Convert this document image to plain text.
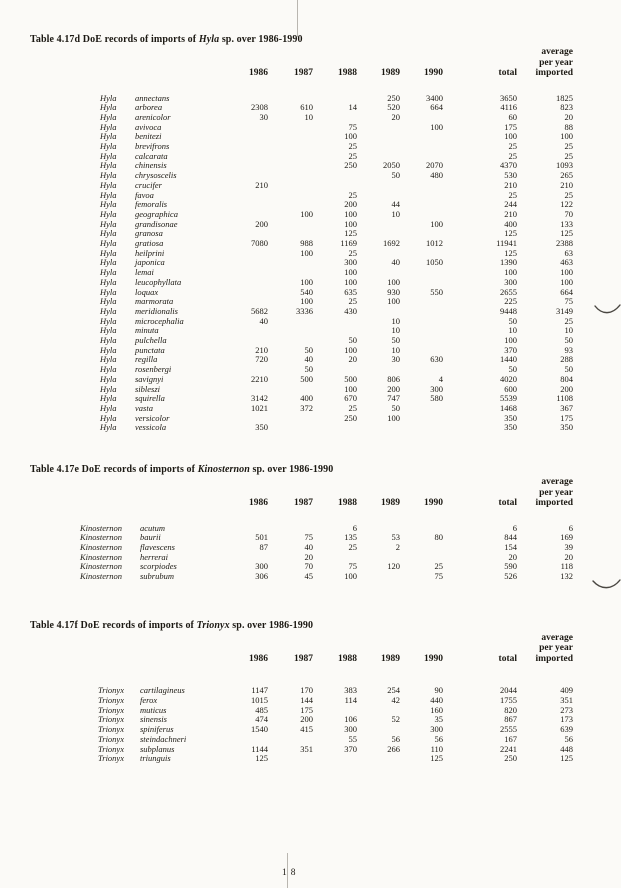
Table 4.17d DoE records of imports of Hyla sp. over 1986-1990
	1986	1987	1988	1989	1990	total	average
per year
imported

Hyla annectans				250	3400	3650	1825
Hyla arborea	2308	610	14	520	664	4116	823
Hyla arenicolor	30	10		20		60	20
Hyla avivoca			75		100	175	88
Hyla benitezi			100			100	100
Hyla brevifrons			25			25	25
Hyla calcarata			25			25	25
Hyla chinensis			250	2050	2070	4370	1093
Hyla chrysoscelis				50	480	530	265
Hyla crucifer	210					210	210
Hyla favoa			25			25	25
Hyla femoralis			200	44		244	122
Hyla geographica		100	100	10		210	70
Hyla grandisonae	200		100		100	400	133
Hyla granosa			125			125	125
Hyla gratiosa	7080	988	1169	1692	1012	11941	2388
Hyla heilprini		100	25			125	63
Hyla japonica			300	40	1050	1390	463
Hyla lemai			100			100	100
Hyla leucophyllata		100	100	100		300	100
Hyla loquax		540	635	930	550	2655	664
Hyla marmorata		100	25	100		225	75
Hyla meridionalis	5682	3336	430			9448	3149
Hyla microcephalia	40			10		50	25
Hyla minuta				10		10	10
Hyla pulchella			50	50		100	50
Hyla punctata	210	50	100	10		370	93
Hyla regilla	720	40	20	30	630	1440	288
Hyla rosenbergi		50				50	50
Hyla savignyi	2210	500	500	806	4	4020	804
Hyla sibleszi			100	200	300	600	200
Hyla squirella	3142	400	670	747	580	5539	1108
Hyla vasta	1021	372	25	50		1468	367
Hyla versicolor			250	100		350	175
Hyla vessicola	350					350	350
Table 4.17e DoE records of imports of Kinosternon sp. over 1986-1990
	1986	1987	1988	1989	1990	total	average
per year
imported

Kinosternon acutum			6			6	6
Kinosternon baurii	501	75	135	53	80	844	169
Kinosternon flavescens	87	40	25	2		154	39
Kinosternon herrerai		20				20	20
Kinosternon scorpiodes	300	70	75	120	25	590	118
Kinosternon subrubum	306	45	100		75	526	132
Table 4.17f DoE records of imports of Trionyx sp. over 1986-1990
	1986	1987	1988	1989	1990	total	average
per year
imported

Trionyx cartilagineus	1147	170	383	254	90	2044	409
Trionyx ferox	1015	144	114	42	440	1755	351
Trionyx muticus	485	175			160	820	273
Trionyx sinensis	474	200	106	52	35	867	173
Trionyx spiniferus	1540	415	300		300	2555	639
Trionyx steindachneri			55	56	56	167	56
Trionyx subplanus	1144	351	370	266	110	2241	448
Trionyx triunguis	125				125	250	125
18
